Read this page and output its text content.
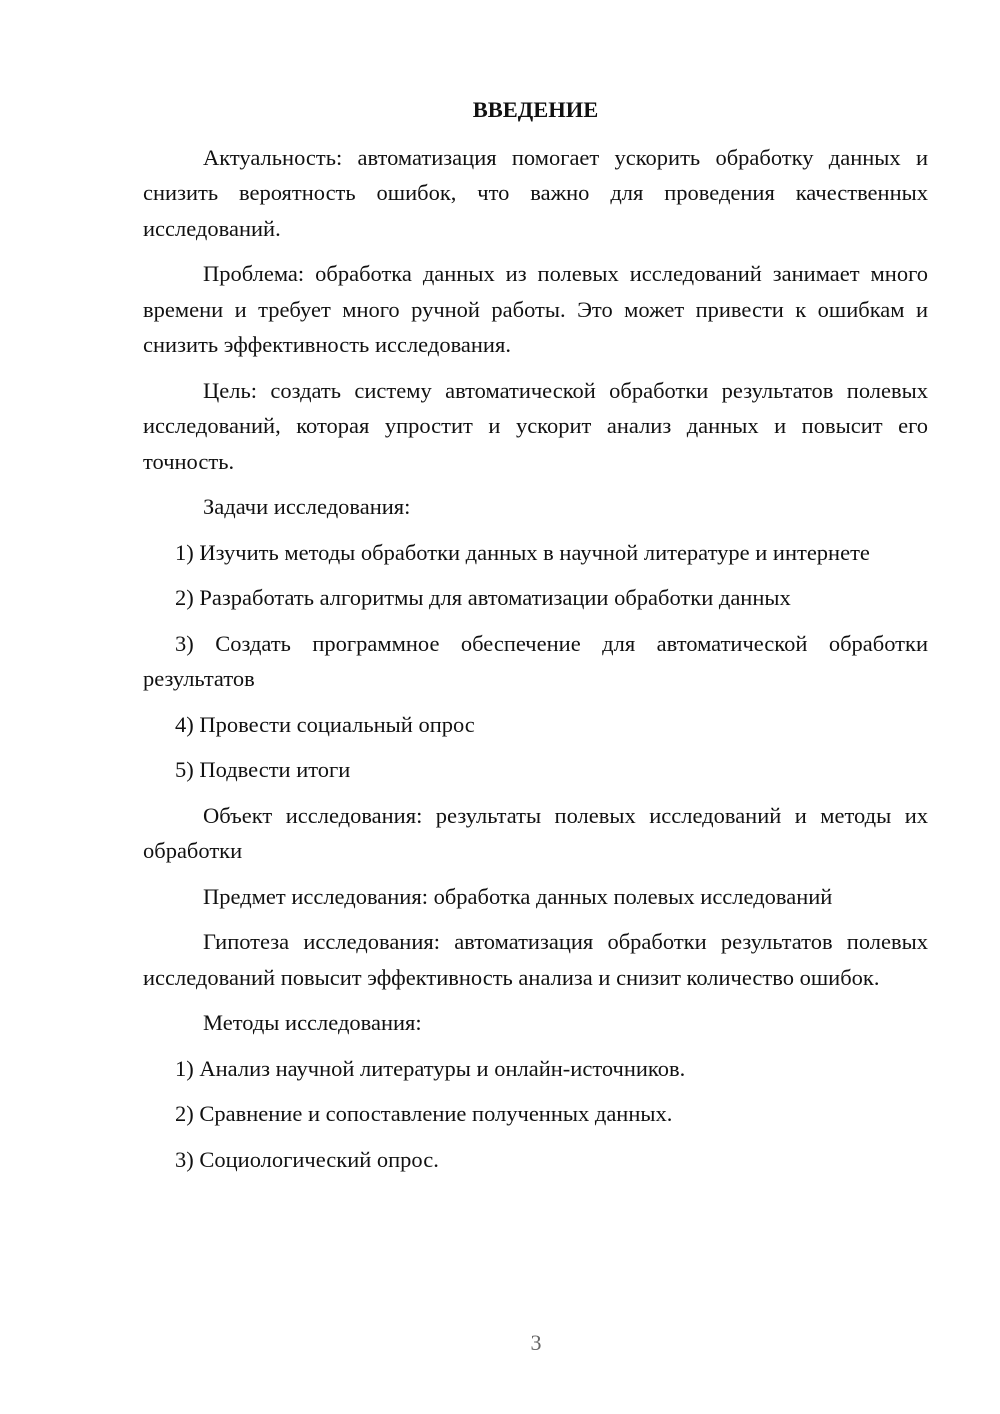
ВВЕДЕНИЕ

Актуальность: автоматизация помогает ускорить обработку данных и снизить вероятность ошибок, что важно для проведения качественных исследований.

Проблема: обработка данных из полевых исследований занимает много времени и требует много ручной работы. Это может привести к ошибкам и снизить эффективность исследования.

Цель: создать систему автоматической обработки результатов полевых исследований, которая упростит и ускорит анализ данных и повысит его точность.

Задачи исследования:

1) Изучить методы обработки данных в научной литературе и интернете

2) Разработать алгоритмы для автоматизации обработки данных

3) Создать программное обеспечение для автоматической обработки результатов

4) Провести социальный опрос

5) Подвести итоги

Объект исследования: результаты полевых исследований и методы их обработки

Предмет исследования: обработка данных полевых исследований

Гипотеза исследования: автоматизация обработки результатов полевых исследований повысит эффективность анализа и снизит количество ошибок.

Методы исследования:

1) Анализ научной литературы и онлайн-источников.

2) Сравнение и сопоставление полученных данных.

3) Социологический опрос.

3
